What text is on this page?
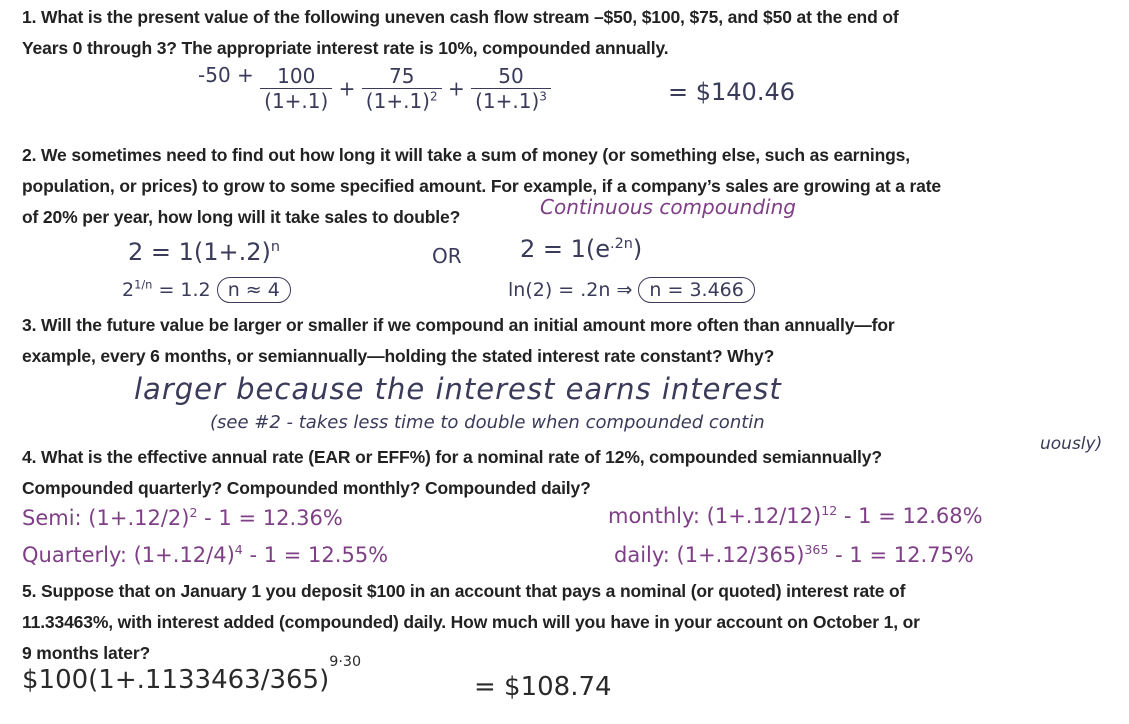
1. What is the present value of the following uneven cash flow stream –$50, $100, $75, and $50 at the end of
Years 0 through 3? The appropriate interest rate is 10%, compounded annually.
$-50 + \frac{100}{(1+.1)} + \frac{75}{(1+.1)^2} + \frac{50}{(1+.1)^3}$	= $140.46
2. We sometimes need to find out how long it will take a sum of money (or something else, such as earnings,
population, or prices) to grow to some specified amount. For example, if a company’s sales are growing at a rate
of 20% per year, how long will it take sales to double?	Continuous compounding
$2 = 1(1+.2)^n$	OR $2 = 1(e^{.2n})$
$2^{1/n} = 1.2$ n ≈ 4	ln(2) = .2n ⇒ n = 3.466
3. Will the future value be larger or smaller if we compound an initial amount more often than annually—for
example, every 6 months, or semiannually—holding the stated interest rate constant? Why?
larger because the interest earns interest
(see #2 - takes less time to double when compounded contin
uously)
4. What is the effective annual rate (EAR or EFF%) for a nominal rate of 12%, compounded semiannually?
Compounded quarterly? Compounded monthly? Compounded daily?
Semi: $(1+.12/2)^2 - 1 = 12.36\%$	monthly: $(1+.12/12)^{12} - 1 = 12.68\%$
Quarterly: $(1+.12/4)^4 - 1 = 12.55\%$	daily: $(1+.12/365)^{365} - 1 = 12.75\%$
5. Suppose that on January 1 you deposit $100 in an account that pays a nominal (or quoted) interest rate of
11.33463%, with interest added (compounded) daily. How much will you have in your account on October 1, or
9 months later?
$\$100(1+.1133463/365)^{9\cdot 30}$
= $108.74
